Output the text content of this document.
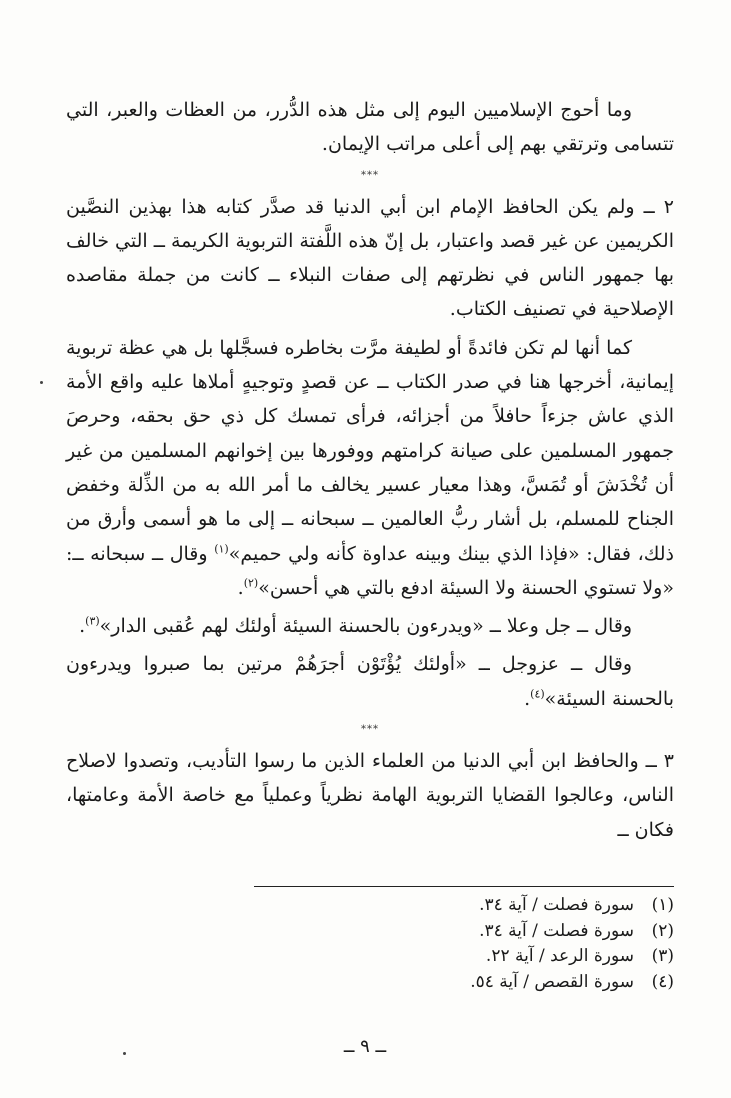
وما أحوج الإسلاميين اليوم إلى مثل هذه الدُّرر، من العظات والعبر، التي تتسامى وترتقي بهم إلى أعلى مراتب الإيمان.

***

٢ ــ ولم يكن الحافظ الإمام ابن أبي الدنيا قد صدَّر كتابه هذا بهذين النصَّين الكريمين عن غير قصد واعتبار، بل إنّ هذه اللَّفتة التربوية الكريمة ــ التي خالف بها جمهور الناس في نظرتهم إلى صفات النبلاء ــ كانت من جملة مقاصده الإصلاحية في تصنيف الكتاب.

كما أنها لم تكن فائدةً أو لطيفة مرَّت بخاطره فسجَّلها بل هي عظة تربوية إيمانية، أخرجها هنا في صدر الكتاب ــ عن قصدٍ وتوجيهٍ أملاها عليه واقع الأمة الذي عاش جزءاً حافلاً من أجزائه، فرأى تمسك كل ذي حق بحقه، وحرصَ جمهور المسلمين على صيانة كرامتهم ووفورها بين إخوانهم المسلمين من غير أن تُخْدَشَ أو تُمَسَّ، وهذا معيار عسير يخالف ما أمر الله به من الذِّلة وخفض الجناح للمسلم، بل أشار ربُّ العالمين ــ سبحانه ــ إلى ما هو أسمى وأرق من ذلك، فقال: «فإذا الذي بينك وبينه عداوة كأنه ولي حميم»$^{(١)}$ وقال ــ سبحانه ــ: «ولا تستوي الحسنة ولا السيئة ادفع بالتي هي أحسن»$^{(٢)}$.

وقال ــ جل وعلا ــ «ويدرءون بالحسنة السيئة أولئك لهم عُقبى الدار»$^{(٣)}$.

وقال ــ عزوجل ــ «أولئك يُؤْتَوْن أجرَهُمْ مرتين بما صبروا ويدرءون بالحسنة السيئة»$^{(٤)}$.

***

٣ ــ والحافظ ابن أبي الدنيا من العلماء الذين ما رسوا التأديب، وتصدوا لاصلاح الناس، وعالجوا القضايا التربوية الهامة نظرياً وعملياً مع خاصة الأمة وعامتها، فكان ــ

(١)سورة فصلت / آية ٣٤.
(٢)سورة فصلت / آية ٣٤.
(٣)سورة الرعد / آية ٢٢.
(٤)سورة القصص / آية ٥٤.
ــ ٩ ــ
